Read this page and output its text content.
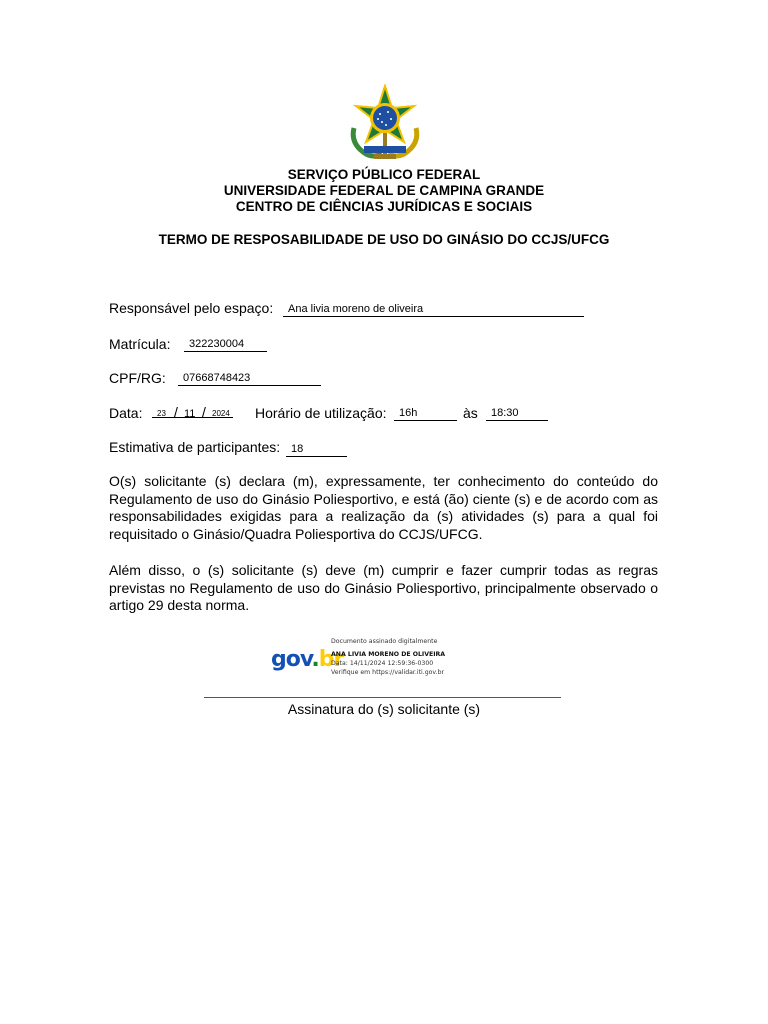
SERVIÇO PÚBLICO FEDERAL
UNIVERSIDADE FEDERAL DE CAMPINA GRANDE
CENTRO DE CIÊNCIAS JURÍDICAS E SOCIAIS
TERMO DE RESPOSABILIDADE DE USO DO GINÁSIO DO CCJS/UFCG
Responsável pelo espaço:	Ana livia moreno de oliveira
Matrícula:	322230004
CPF/RG:	07668748423
Data: 23 / 11 / 2024 Horário de utilização:	16h	às	18:30
Estimativa de participantes: 18
O(s) solicitante (s) declara (m), expressamente, ter conhecimento do conteúdo do
Regulamento de uso do Ginásio Poliesportivo, e está (ão) ciente (s) e de acordo com as
responsabilidades exigidas para a realização da (s) atividades (s) para a qual foi
requisitado o Ginásio/Quadra Poliesportiva do CCJS/UFCG.
Além disso, o (s) solicitante (s) deve (m) cumprir e fazer cumprir todas as regras
previstas no Regulamento de uso do Ginásio Poliesportivo, principalmente observado o
artigo 29 desta norma.
gov.br
Documento assinado digitalmente
ANA LIVIA MORENO DE OLIVEIRA
Data: 14/11/2024 12:59:36-0300
Verifique em https://validar.iti.gov.br
Assinatura do (s) solicitante (s)
